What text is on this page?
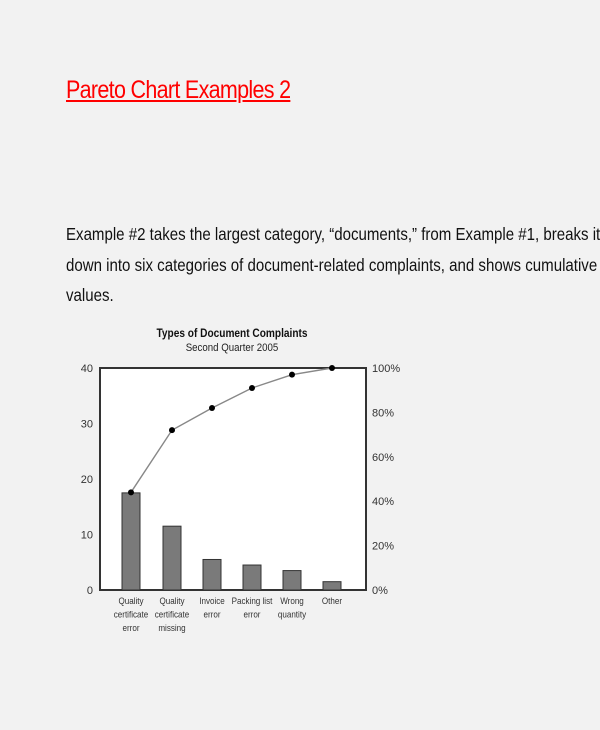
Pareto Chart Examples 2

Example #2 takes the largest category, “documents,” from Example #1, breaks it

down into six categories of document-related complaints, and shows cumulative

values.

Types of Document Complaints
Second Quarter 2005
0
10
20
30
40
0%
20%
40%
60%
80%
100%
Quality
certificate
error
Quality
certificate
missing
Invoice
error
Packing list
error
Wrong
quantity
Other
